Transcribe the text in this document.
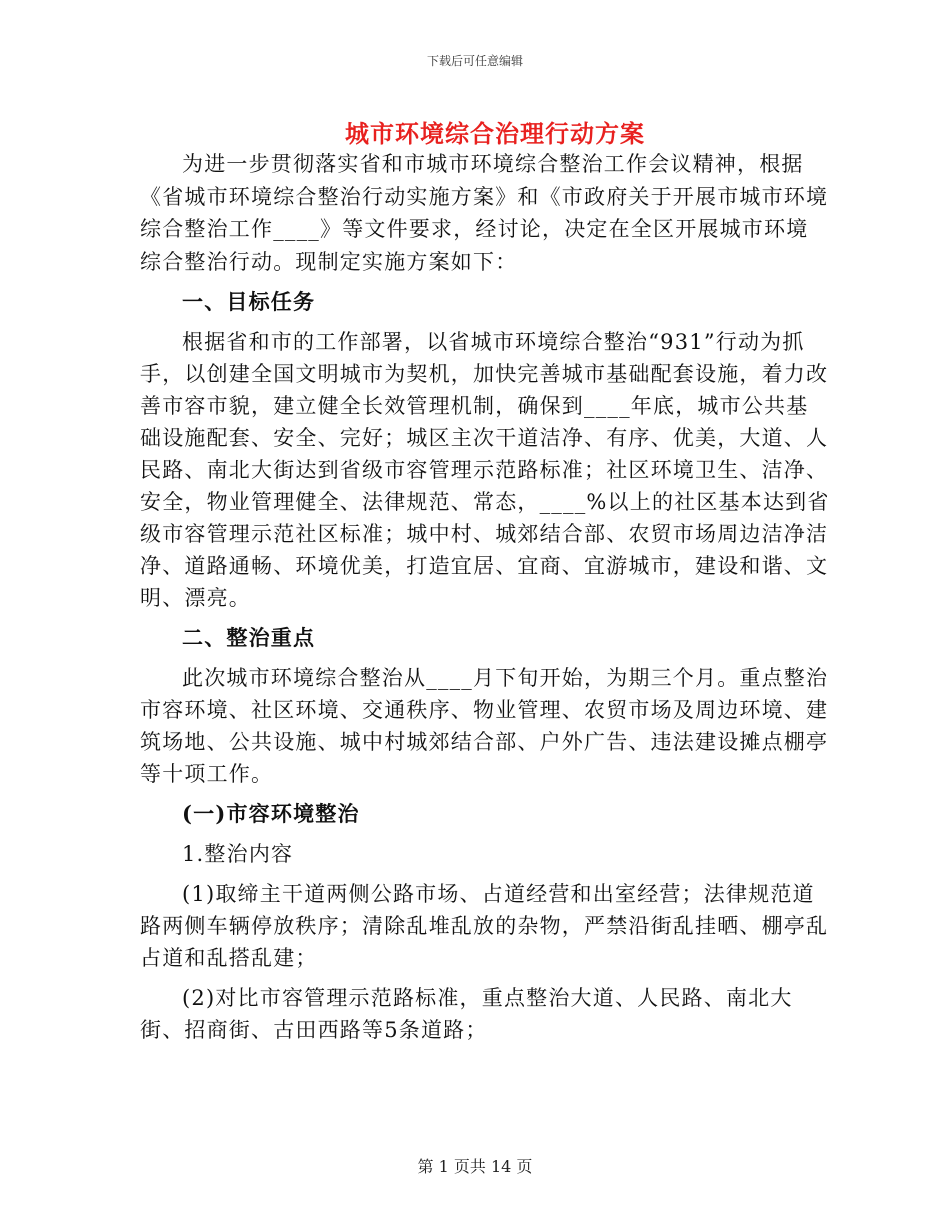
下载后可任意编辑
城市环境综合治理行动方案

为进一步贯彻落实省和市城市环境综合整治工作会议精神，根据《省城市环境综合整治行动实施方案》和《市政府关于开展市城市环境综合整治工作____》等文件要求，经讨论，决定在全区开展城市环境综合整治行动。现制定实施方案如下：

一、目标任务

根据省和市的工作部署，以省城市环境综合整治“931”行动为抓手，以创建全国文明城市为契机，加快完善城市基础配套设施，着力改善市容市貌，建立健全长效管理机制，确保到____年底，城市公共基础设施配套、安全、完好；城区主次干道洁净、有序、优美，大道、人民路、南北大街达到省级市容管理示范路标准；社区环境卫生、洁净、安全，物业管理健全、法律规范、常态，____%以上的社区基本达到省级市容管理示范社区标准；城中村、城郊结合部、农贸市场周边洁净洁净、道路通畅、环境优美，打造宜居、宜商、宜游城市，建设和谐、文明、漂亮。

二、整治重点

此次城市环境综合整治从____月下旬开始，为期三个月。重点整治市容环境、社区环境、交通秩序、物业管理、农贸市场及周边环境、建筑场地、公共设施、城中村城郊结合部、户外广告、违法建设摊点棚亭等十项工作。

(一)市容环境整治

1.整治内容

(1)取缔主干道两侧公路市场、占道经营和出室经营；法律规范道路两侧车辆停放秩序；清除乱堆乱放的杂物，严禁沿街乱挂晒、棚亭乱占道和乱搭乱建；

(2)对比市容管理示范路标准，重点整治大道、人民路、南北大街、招商街、古田西路等5条道路；

第 1 页共 14 页
